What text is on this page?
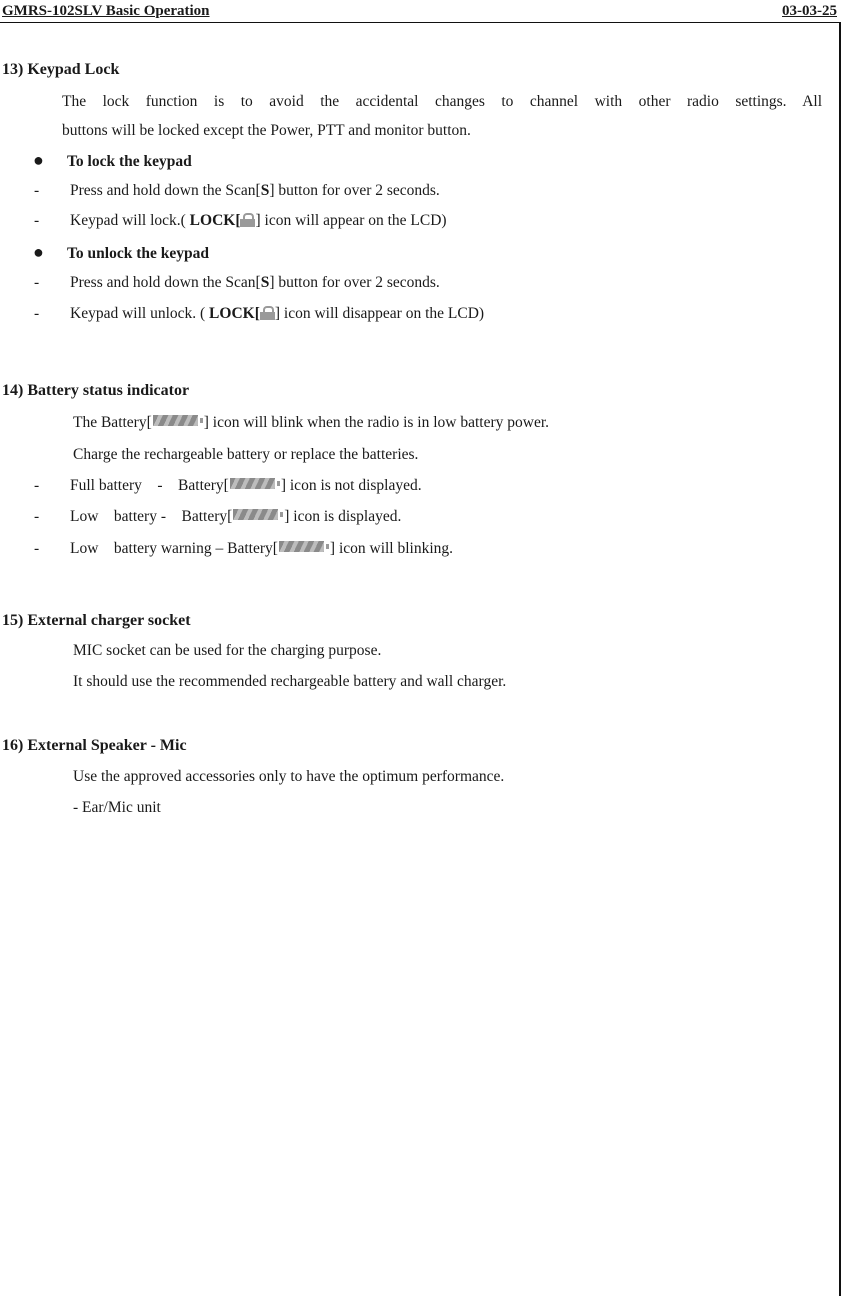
GMRS-102SLV Basic Operation	03-03-25
13) Keypad Lock
The lock function is to avoid the accidental changes to channel with other radio settings. All
buttons will be locked except the Power, PTT and monitor button.
● To lock the keypad
- Press and hold down the Scan[S] button for over 2 seconds.
- Keypad will lock.( LOCK[ ] icon will appear on the LCD)
● To unlock the keypad
- Press and hold down the Scan[S] button for over 2 seconds.
- Keypad will unlock. ( LOCK[ ] icon will disappear on the LCD)
14) Battery status indicator
The Battery[	] icon will blink when the radio is in low battery power.
Charge the rechargeable battery or replace the batteries.
- Full battery    -    Battery[	] icon is not displayed.
- Low    battery -    Battery[	] icon is displayed.
- Low    battery warning – Battery[	] icon will blinking.
15) External charger socket
MIC socket can be used for the charging purpose.
It should use the recommended rechargeable battery and wall charger.
16) External Speaker - Mic
Use the approved accessories only to have the optimum performance.
- Ear/Mic unit
